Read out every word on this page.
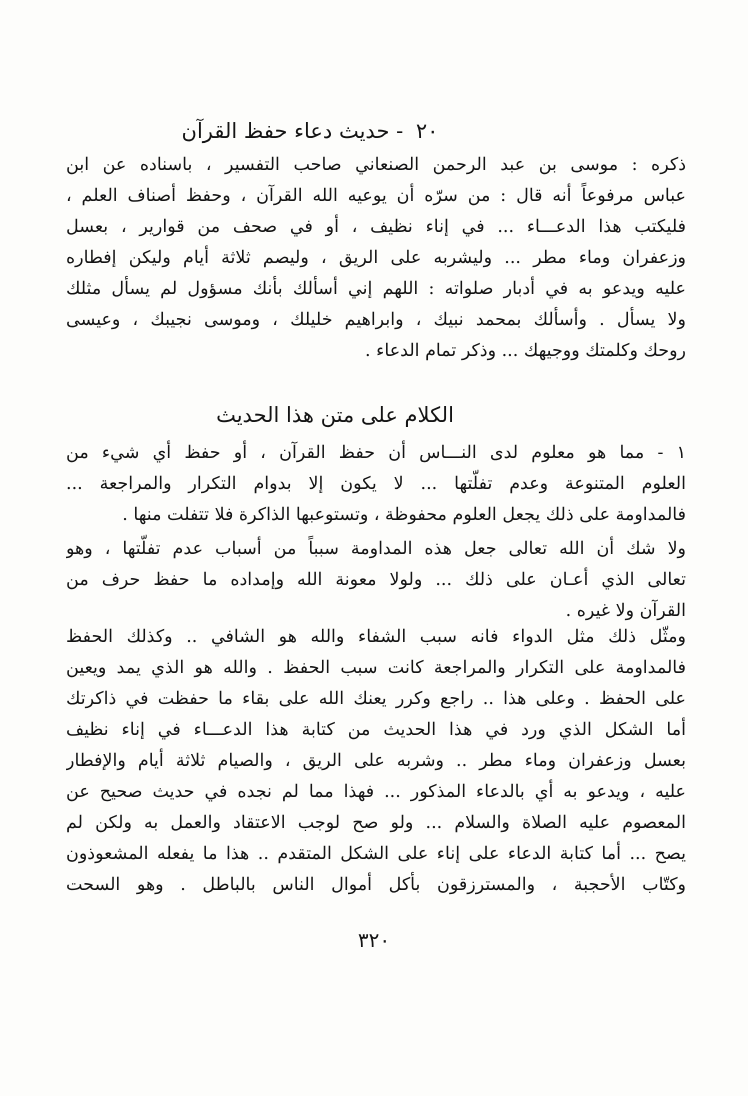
٢٠ - حديث دعاء حفظ القرآن
ذكره : موسى بن عبد الرحمن الصنعاني صاحب التفسير ، باسناده عن ابن
عباس مرفوعاً أنه قال : من سرّه أن يوعيه الله القرآن ، وحفظ أصناف العلم ،
فليكتب هذا الدعـــاء ... في إناء نظيف ، أو في صحف من قوارير ، بعسل
وزعفران وماء مطر ... وليشربه على الريق ، وليصم ثلاثة أيام وليكن إفطاره
عليه ويدعو به في أدبار صلواته : اللهم إني أسألك بأنك مسؤول لم يسأل مثلك
ولا يسأل . وأسألك بمحمد نبيك ، وابراهيم خليلك ، وموسى نجيبك ، وعيسى
روحك وكلمتك ووجيهك ... وذكر تمام الدعاء .
الكلام على متن هذا الحديث
١ - مما هو معلوم لدى النـــاس أن حفظ القرآن ، أو حفظ أي شيء من
العلوم المتنوعة وعدم تفلّتها ... لا يكون إلا بدوام التكرار والمراجعة ...
فالمداومة على ذلك يجعل العلوم محفوظة ، وتستوعبها الذاكرة فلا تتفلت منها .
ولا شك أن الله تعالى جعل هذه المداومة سبباً من أسباب عدم تفلّتها ، وهو
تعالى الذي أعـان على ذلك ... ولولا معونة الله وإمداده ما حفظ حرف من
القرآن ولا غيره .
ومثّل ذلك مثل الدواء فانه سبب الشفاء والله هو الشافي .. وكذلك الحفظ
فالمداومة على التكرار والمراجعة كانت سبب الحفظ . والله هو الذي يمد ويعين
على الحفظ . وعلى هذا .. راجع وكرر يعنك الله على بقاء ما حفظت في ذاكرتك
أما الشكل الذي ورد في هذا الحديث من كتابة هذا الدعـــاء في إناء نظيف
بعسل وزعفران وماء مطر .. وشربه على الريق ، والصيام ثلاثة أيام والإفطار
عليه ، ويدعو به أي بالدعاء المذكور ... فهذا مما لم نجده في حديث صحيح عن
المعصوم عليه الصلاة والسلام ... ولو صح لوجب الاعتقاد والعمل به ولكن لم
يصح ... أما كتابة الدعاء على إناء على الشكل المتقدم .. هذا ما يفعله المشعوذون
وكتّاب الأحجبة ، والمسترزقون بأكل أموال الناس بالباطل . وهو السحت
٣٢٠
